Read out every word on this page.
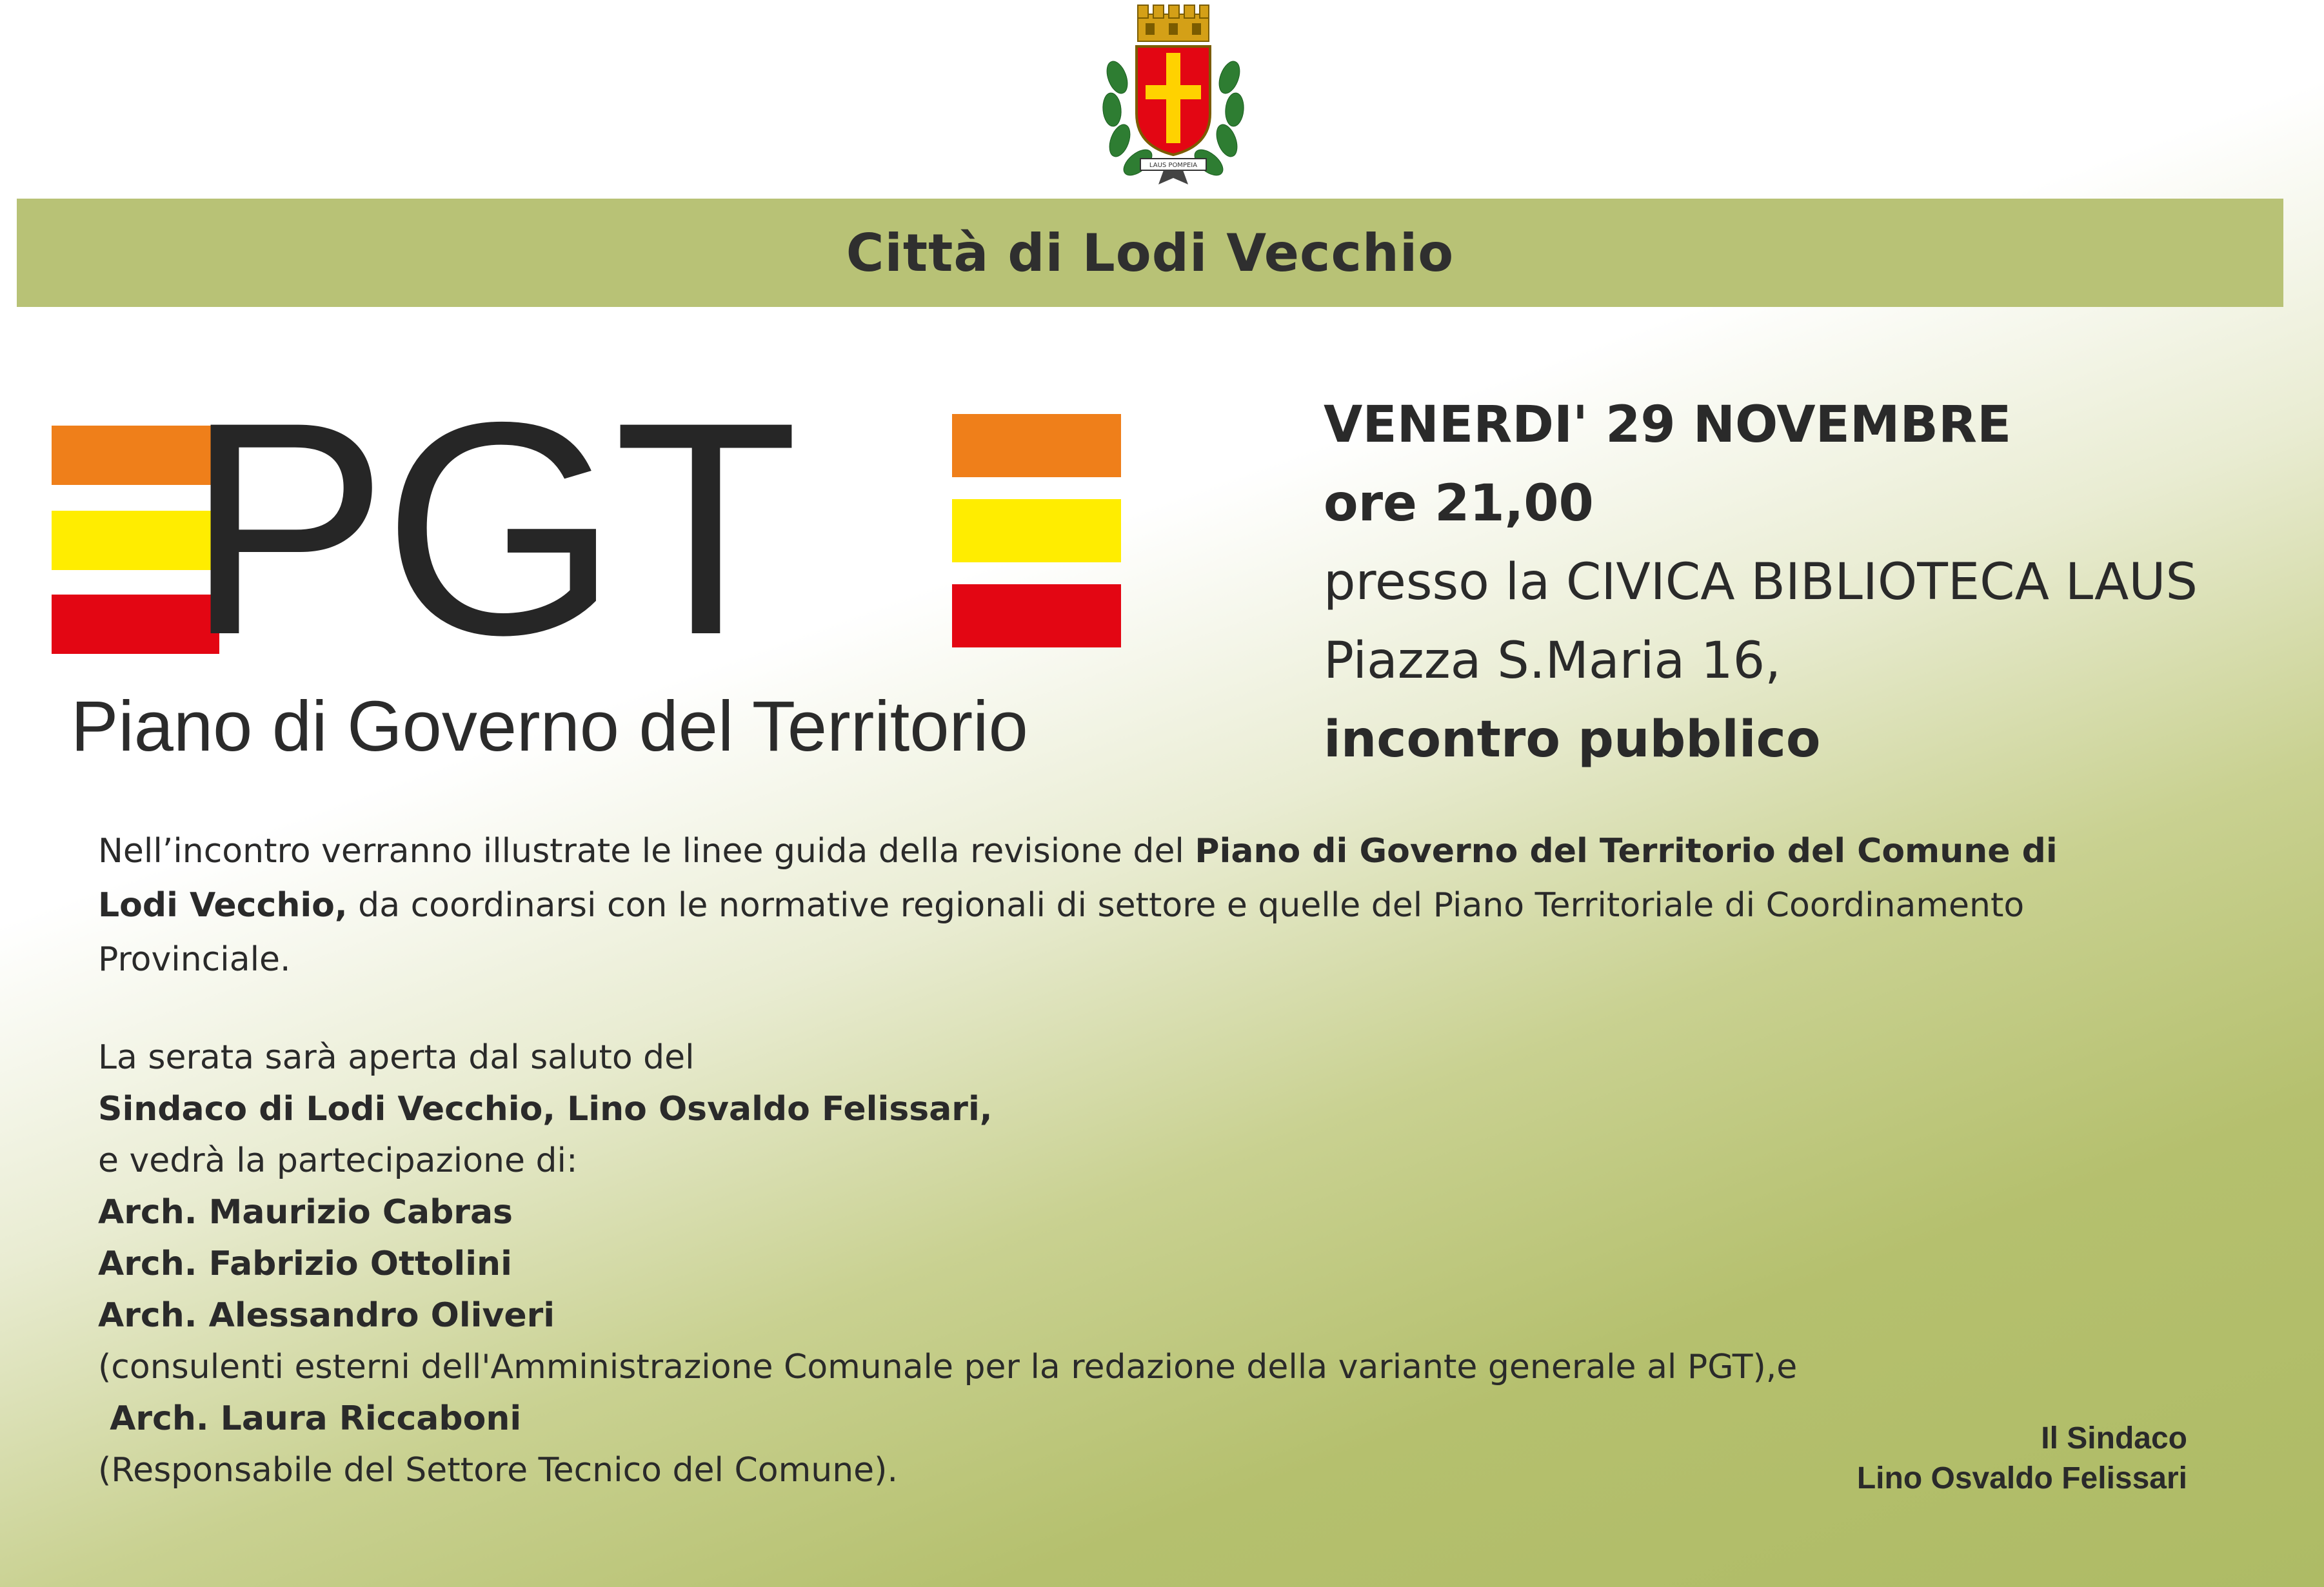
LAUS POMPEIA
Città di Lodi Vecchio
PGT
Piano di Governo del Territorio
VENERDI' 29 NOVEMBRE
ore 21,00
presso la CIVICA BIBLIOTECA LAUS
Piazza S.Maria 16,
incontro pubblico

Nell’incontro verranno illustrate le linee guida della revisione del Piano di Governo del Territorio del Comune di
Lodi Vecchio, da coordinarsi con le normative regionali di settore e quelle del Piano Territoriale di Coordinamento Provinciale.

La serata sarà aperta dal saluto del
Sindaco di Lodi Vecchio, Lino Osvaldo Felissari,
e vedrà la partecipazione di:
Arch. Maurizio Cabras
Arch. Fabrizio Ottolini
Arch. Alessandro Oliveri
(consulenti esterni dell'Amministrazione Comunale per la redazione della variante generale al PGT),e
Arch. Laura Riccaboni
(Responsabile del Settore Tecnico del Comune).
Il Sindaco
Lino Osvaldo Felissari
